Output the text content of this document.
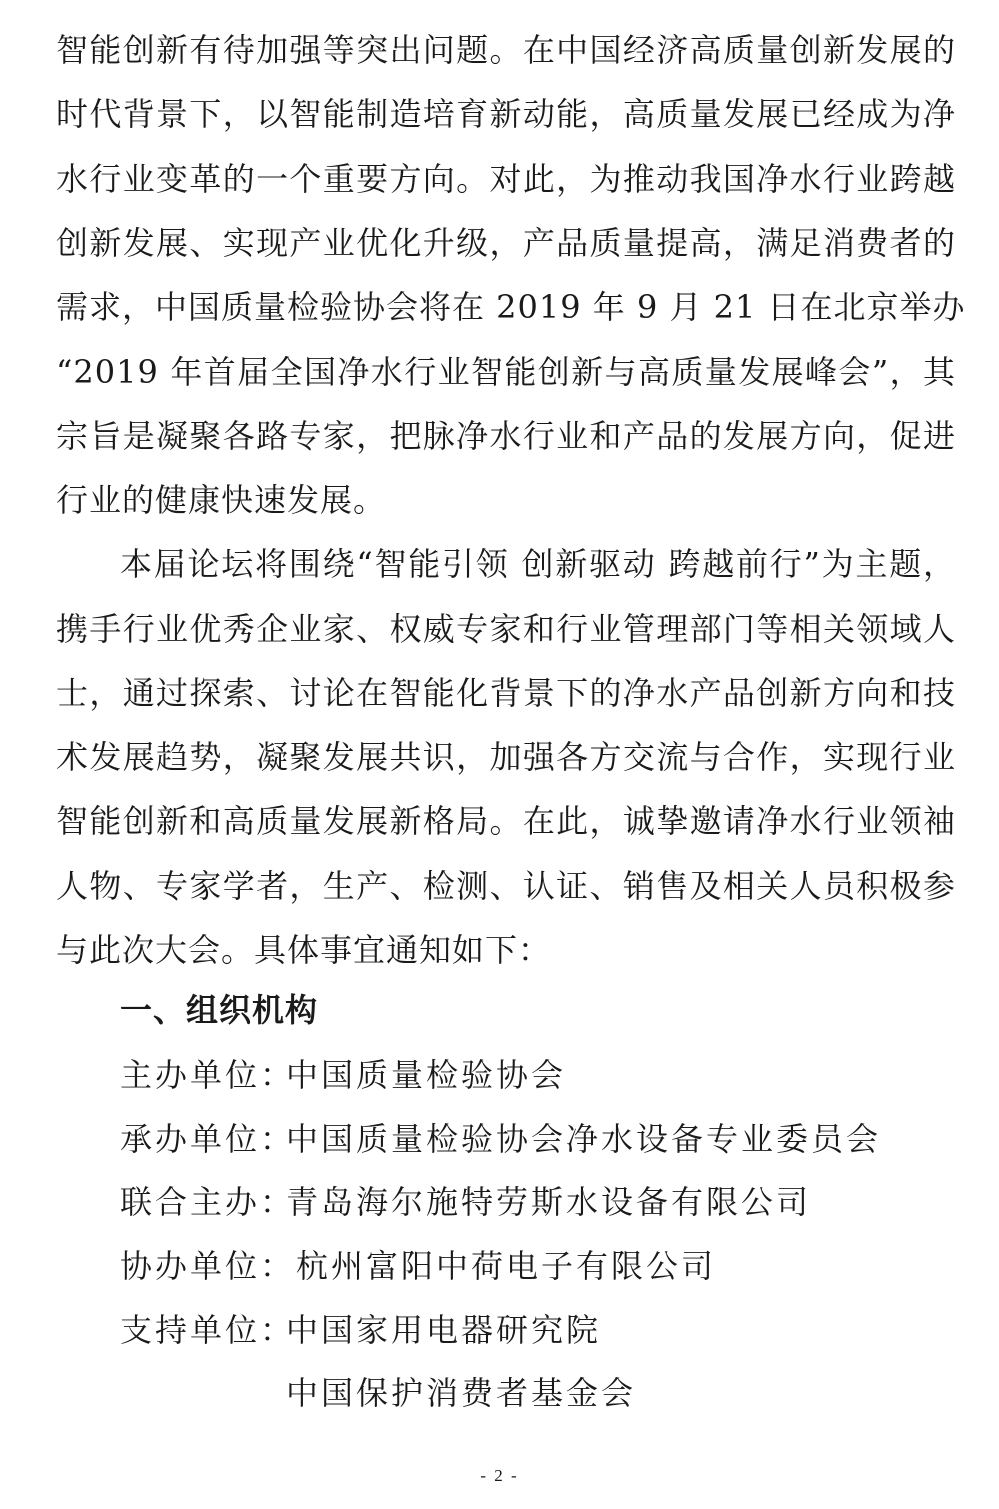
智能创新有待加强等突出问题。在中国经济高质量创新发展的
时代背景下，以智能制造培育新动能，高质量发展已经成为净
水行业变革的一个重要方向。对此，为推动我国净水行业跨越
创新发展、实现产业优化升级，产品质量提高，满足消费者的
需求，中国质量检验协会将在 2019 年 9 月 21 日在北京举办
“2019 年首届全国净水行业智能创新与高质量发展峰会”，其
宗旨是凝聚各路专家，把脉净水行业和产品的发展方向，促进
行业的健康快速发展。
本届论坛将围绕“智能引领 创新驱动 跨越前行”为主题，
携手行业优秀企业家、权威专家和行业管理部门等相关领域人
士，通过探索、讨论在智能化背景下的净水产品创新方向和技
术发展趋势，凝聚发展共识，加强各方交流与合作，实现行业
智能创新和高质量发展新格局。在此，诚挚邀请净水行业领袖
人物、专家学者，生产、检测、认证、销售及相关人员积极参
与此次大会。具体事宜通知如下：
一、组织机构
主办单位：中国质量检验协会
承办单位：中国质量检验协会净水设备专业委员会
联合主办：青岛海尔施特劳斯水设备有限公司
协办单位：杭州富阳中荷电子有限公司
支持单位：中国家用电器研究院
中国保护消费者基金会
- 2 -
